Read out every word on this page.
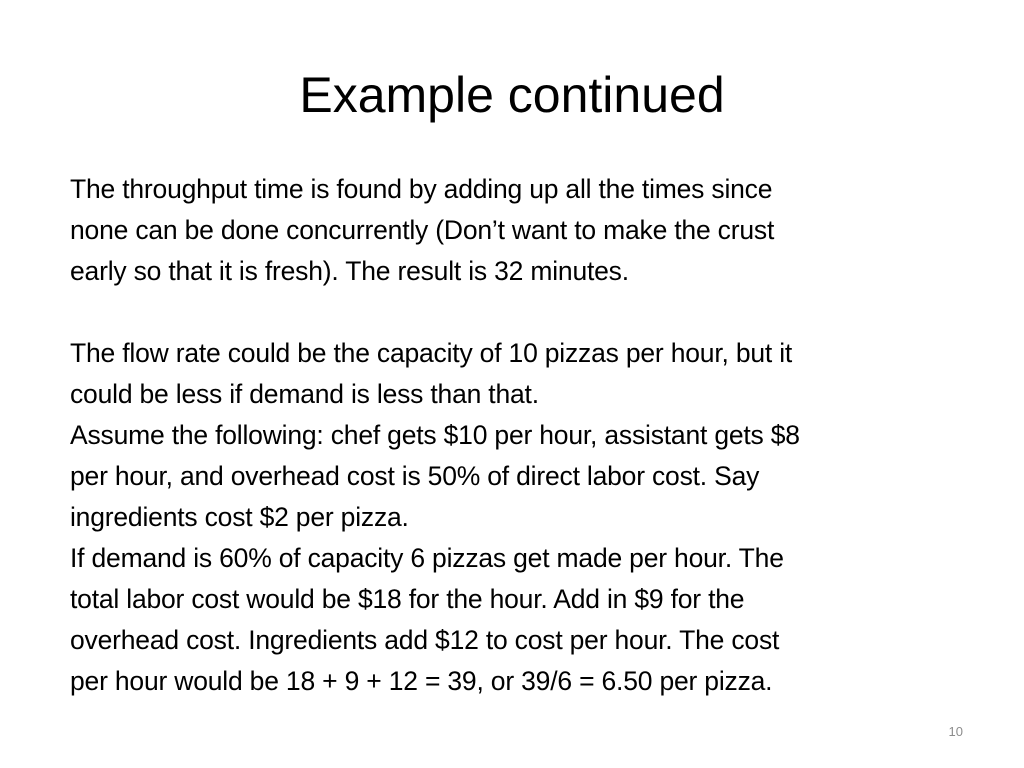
Example continued
The throughput time is found by adding up all the times since
none can be done concurrently (Don’t want to make the crust
early so that it is fresh). The result is 32 minutes.
The flow rate could be the capacity of 10 pizzas per hour, but it
could be less if demand is less than that.
Assume the following: chef gets $10 per hour, assistant gets $8
per hour, and overhead cost is 50% of direct labor cost. Say
ingredients cost $2 per pizza.
If demand is 60% of capacity 6 pizzas get made per hour. The
total labor cost would be $18 for the hour. Add in $9 for the
overhead cost. Ingredients add $12 to cost per hour. The cost
per hour would be 18 + 9 + 12 = 39, or 39/6 = 6.50 per pizza.
10
